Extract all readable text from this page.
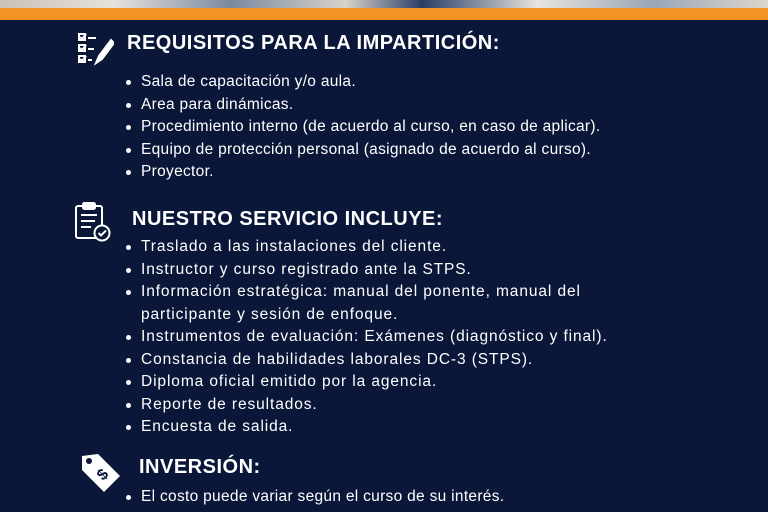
REQUISITOS PARA LA IMPARTICIÓN:
Sala de capacitación y/o aula.
Area para dinámicas.
Procedimiento interno (de acuerdo al curso, en caso de aplicar).
Equipo de protección personal (asignado de acuerdo al curso).
Proyector.
NUESTRO SERVICIO INCLUYE:
Traslado a las instalaciones del cliente.
Instructor y curso registrado ante la STPS.
Información estratégica: manual del ponente, manual del
participante y sesión de enfoque.
Instrumentos de evaluación: Exámenes (diagnóstico y final).
Constancia de habilidades laborales DC-3 (STPS).
Diploma oficial emitido por la agencia.
Reporte de resultados.
Encuesta de salida.
$ INVERSIÓN:
El costo puede variar según el curso de su interés.
